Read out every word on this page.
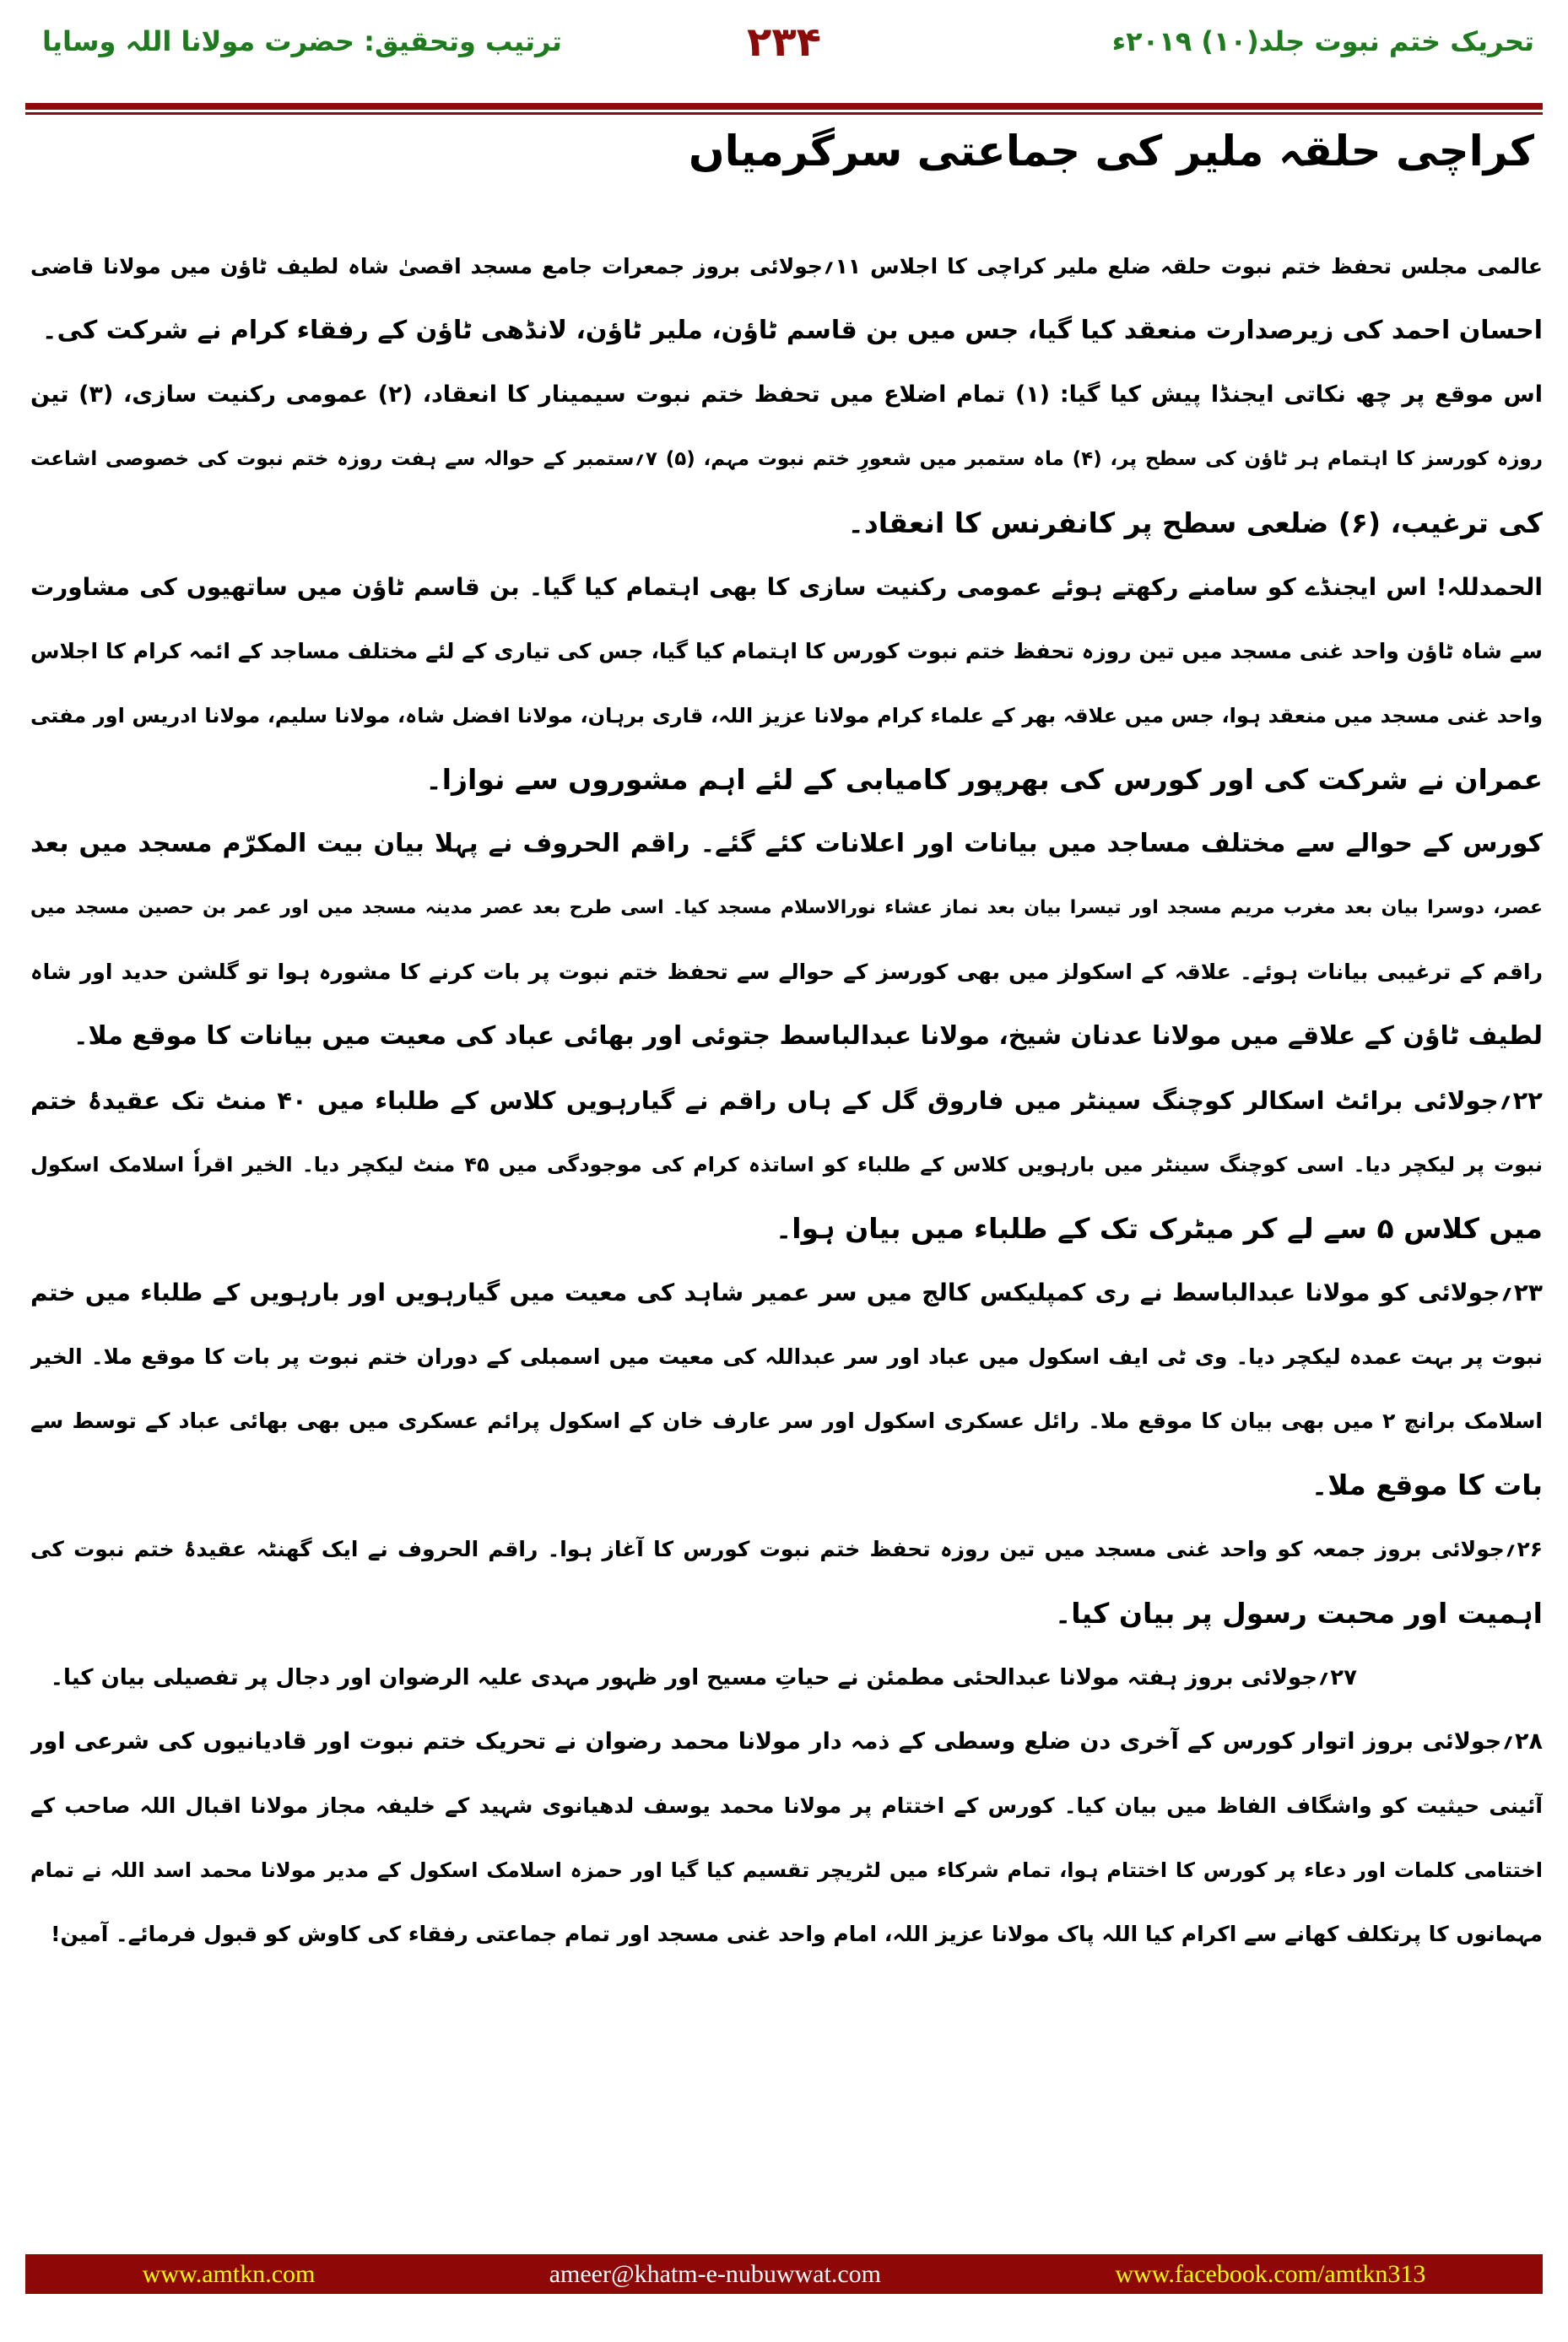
تحریک ختم نبوت جلد(۱۰) ۲۰۱۹ء
۲۳۴
ترتیب وتحقیق: حضرت مولانا اللہ وسایا
کراچی حلقہ ملیر کی جماعتی سرگرمیاں
عالمی مجلس تحفظ ختم نبوت حلقہ ضلع ملیر کراچی کا اجلاس ۱۱؍جولائی بروز جمعرات جامع مسجد اقصیٰ شاہ لطیف ٹاؤن میں مولانا قاضی
احسان احمد کی زیرصدارت منعقد کیا گیا، جس میں بن قاسم ٹاؤن، ملیر ٹاؤن، لانڈھی ٹاؤن کے رفقاء کرام نے شرکت کی۔
اس موقع پر چھ نکاتی ایجنڈا پیش کیا گیا: (۱) تمام اضلاع میں تحفظ ختم نبوت سیمینار کا انعقاد، (۲) عمومی رکنیت سازی، (۳) تین
روزہ کورسز کا اہتمام ہر ٹاؤن کی سطح پر، (۴) ماہ ستمبر میں شعورِ ختم نبوت مہم، (۵) ۷؍ستمبر کے حوالہ سے ہفت روزہ ختم نبوت کی خصوصی اشاعت
کی ترغیب، (۶) ضلعی سطح پر کانفرنس کا انعقاد۔
الحمدللہ! اس ایجنڈے کو سامنے رکھتے ہوئے عمومی رکنیت سازی کا بھی اہتمام کیا گیا۔ بن قاسم ٹاؤن میں ساتھیوں کی مشاورت
سے شاہ ٹاؤن واحد غنی مسجد میں تین روزہ تحفظ ختم نبوت کورس کا اہتمام کیا گیا، جس کی تیاری کے لئے مختلف مساجد کے ائمہ کرام کا اجلاس
واحد غنی مسجد میں منعقد ہوا، جس میں علاقہ بھر کے علماء کرام مولانا عزیز اللہ، قاری برہان، مولانا افضل شاہ، مولانا سلیم، مولانا ادریس اور مفتی
عمران نے شرکت کی اور کورس کی بھرپور کامیابی کے لئے اہم مشوروں سے نوازا۔
کورس کے حوالے سے مختلف مساجد میں بیانات اور اعلانات کئے گئے۔ راقم الحروف نے پہلا بیان بیت المکرّم مسجد میں بعد
عصر، دوسرا بیان بعد مغرب مریم مسجد اور تیسرا بیان بعد نماز عشاء نورالاسلام مسجد کیا۔ اسی طرح بعد عصر مدینہ مسجد میں اور عمر بن حصین مسجد میں
راقم کے ترغیبی بیانات ہوئے۔ علاقہ کے اسکولز میں بھی کورسز کے حوالے سے تحفظ ختم نبوت پر بات کرنے کا مشورہ ہوا تو گلشن حدید اور شاہ
لطیف ٹاؤن کے علاقے میں مولانا عدنان شیخ، مولانا عبدالباسط جتوئی اور بھائی عباد کی معیت میں بیانات کا موقع ملا۔
۲۲؍جولائی برائٹ اسکالر کوچنگ سینٹر میں فاروق گل کے ہاں راقم نے گیارہویں کلاس کے طلباء میں ۴۰ منٹ تک عقیدۂ ختم
نبوت پر لیکچر دیا۔ اسی کوچنگ سینٹر میں بارہویں کلاس کے طلباء کو اساتذہ کرام کی موجودگی میں ۴۵ منٹ لیکچر دیا۔ الخیر اقراٗ اسلامک اسکول
میں کلاس ۵ سے لے کر میٹرک تک کے طلباء میں بیان ہوا۔
۲۳؍جولائی کو مولانا عبدالباسط نے ری کمپلیکس کالج میں سر عمیر شاہد کی معیت میں گیارہویں اور بارہویں کے طلباء میں ختم
نبوت پر بہت عمدہ لیکچر دیا۔ وی ٹی ایف اسکول میں عباد اور سر عبداللہ کی معیت میں اسمبلی کے دوران ختم نبوت پر بات کا موقع ملا۔ الخیر
اسلامک برانچ ۲ میں بھی بیان کا موقع ملا۔ رائل عسکری اسکول اور سر عارف خان کے اسکول پرائم عسکری میں بھی بھائی عباد کے توسط سے
بات کا موقع ملا۔
۲۶؍جولائی بروز جمعہ کو واحد غنی مسجد میں تین روزہ تحفظ ختم نبوت کورس کا آغاز ہوا۔ راقم الحروف نے ایک گھنٹہ عقیدۂ ختم نبوت کی
اہمیت اور محبت رسول پر بیان کیا۔
۲۷؍جولائی بروز ہفتہ مولانا عبدالحئی مطمئن نے حیاتِ مسیح اور ظہور مہدی علیہ الرضوان اور دجال پر تفصیلی بیان کیا۔
۲۸؍جولائی بروز اتوار کورس کے آخری دن ضلع وسطی کے ذمہ دار مولانا محمد رضوان نے تحریک ختم نبوت اور قادیانیوں کی شرعی اور
آئینی حیثیت کو واشگاف الفاظ میں بیان کیا۔ کورس کے اختتام پر مولانا محمد یوسف لدھیانوی شہید کے خلیفہ مجاز مولانا اقبال اللہ صاحب کے
اختتامی کلمات اور دعاء پر کورس کا اختتام ہوا، تمام شرکاء میں لٹریچر تقسیم کیا گیا اور حمزہ اسلامک اسکول کے مدیر مولانا محمد اسد اللہ نے تمام
مہمانوں کا پرتکلف کھانے سے اکرام کیا اللہ پاک مولانا عزیز اللہ، امام واحد غنی مسجد اور تمام جماعتی رفقاء کی کاوش کو قبول فرمائے۔ آمین!
www.amtkn.com	ameer@khatm-e-nubuwwat.com	www.facebook.com/amtkn313
